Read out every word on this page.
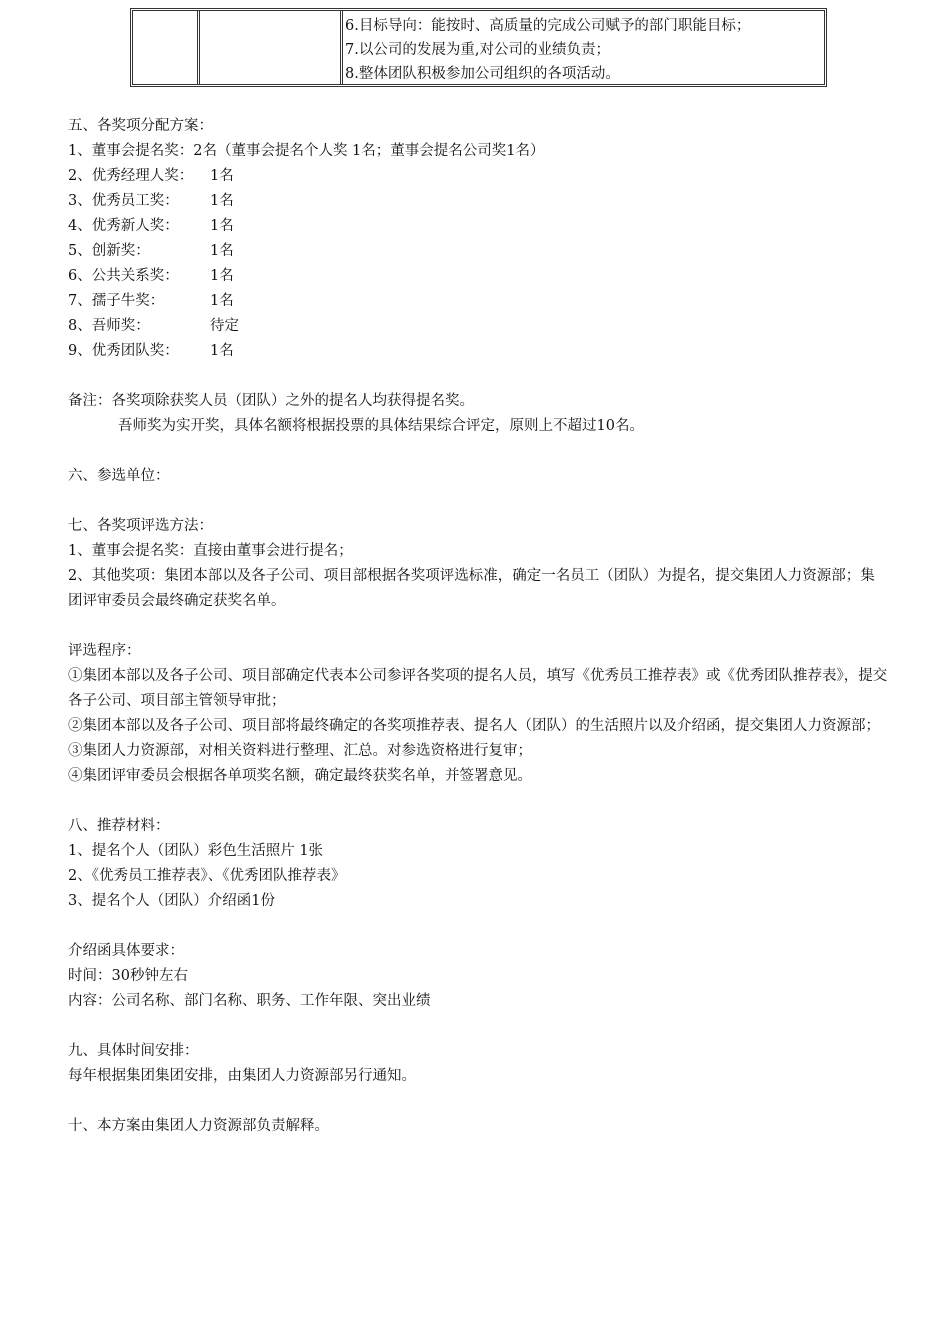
6.目标导向：能按时、高质量的完成公司赋予的部门职能目标；
7.以公司的发展为重,对公司的业绩负责；
8.整体团队积极参加公司组织的各项活动。
五、各奖项分配方案：
1、董事会提名奖：2名（董事会提名个人奖 1名；董事会提名公司奖1名）
2、优秀经理人奖：	1名
3、优秀员工奖：	1名
4、优秀新人奖：	1名
5、创新奖：	1名
6、公共关系奖：	1名
7、孺子牛奖：	1名
8、吾师奖：	待定
9、优秀团队奖：	1名
备注：各奖项除获奖人员（团队）之外的提名人均获得提名奖。
吾师奖为实开奖，具体名额将根据投票的具体结果综合评定，原则上不超过10名。
六、参选单位：
七、各奖项评选方法：
1、董事会提名奖：直接由董事会进行提名；
2、其他奖项：集团本部以及各子公司、项目部根据各奖项评选标准，确定一名员工（团队）为提名，提交集团人力资源部；集团评审委员会最终确定获奖名单。
评选程序：
①集团本部以及各子公司、项目部确定代表本公司参评各奖项的提名人员，填写《优秀员工推荐表》或《优秀团队推荐表》，提交各子公司、项目部主管领导审批；
②集团本部以及各子公司、项目部将最终确定的各奖项推荐表、提名人（团队）的生活照片以及介绍函，提交集团人力资源部；
③集团人力资源部，对相关资料进行整理、汇总。对参选资格进行复审；
④集团评审委员会根据各单项奖名额，确定最终获奖名单，并签署意见。
八、推荐材料：
1、提名个人（团队）彩色生活照片 1张
2、《优秀员工推荐表》、《优秀团队推荐表》
3、提名个人（团队）介绍函1份
介绍函具体要求：
时间：30秒钟左右
内容：公司名称、部门名称、职务、工作年限、突出业绩
九、具体时间安排：
每年根据集团集团安排，由集团人力资源部另行通知。
十、本方案由集团人力资源部负责解释。
